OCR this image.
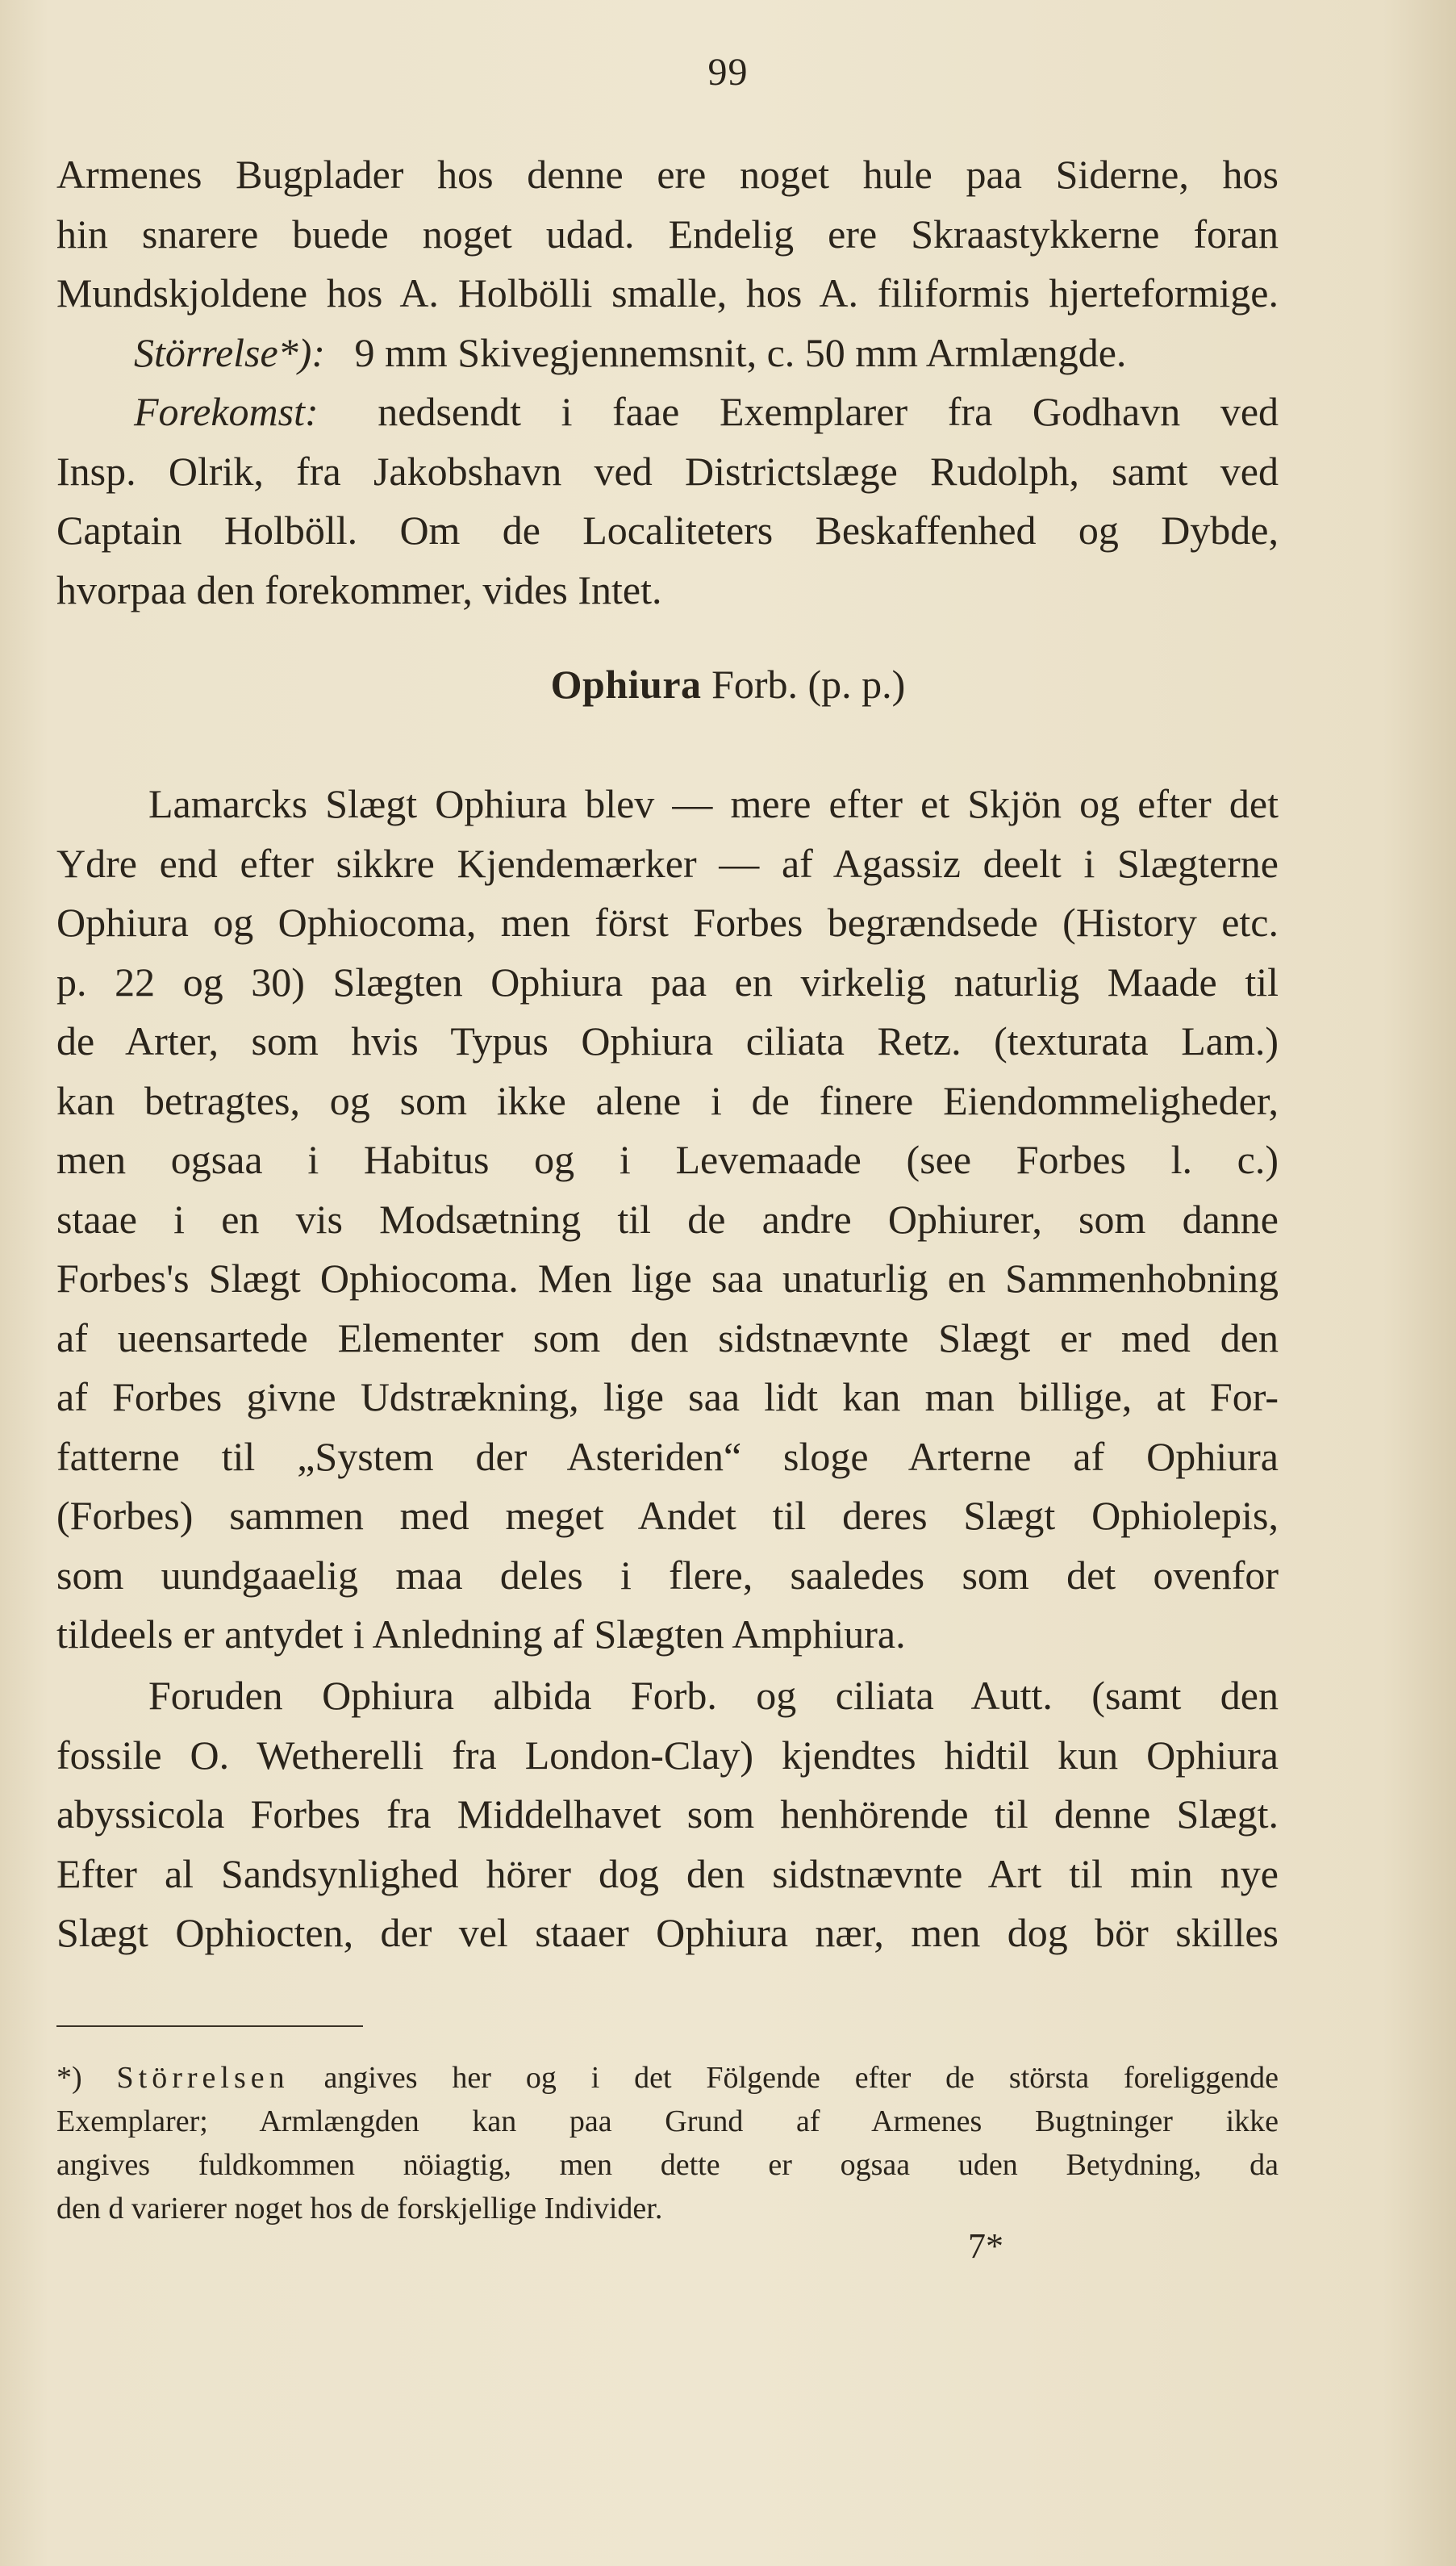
99
Armenes Bugplader hos denne ere noget hule paa Siderne, hos
hin snarere buede noget udad. Endelig ere Skraastykkerne foran
Mundskjoldene hos A. Holbölli smalle, hos A. filiformis hjerteformige.
Störrelse*): 9 mm Skivegjennemsnit, c. 50 mm Armlængde.
Forekomst: nedsendt i faae Exemplarer fra Godhavn ved
Insp. Olrik, fra Jakobshavn ved Districtslæge Rudolph, samt ved
Captain Holböll. Om de Localiteters Beskaffenhed og Dybde,
hvorpaa den forekommer, vides Intet.
Ophiura Forb. (p. p.)
Lamarcks Slægt Ophiura blev — mere efter et Skjön og efter det
Ydre end efter sikkre Kjendemærker — af Agassiz deelt i Slægterne
Ophiura og Ophiocoma, men först Forbes begrændsede (History etc.
p. 22 og 30) Slægten Ophiura paa en virkelig naturlig Maade til
de Arter, som hvis Typus Ophiura ciliata Retz. (texturata Lam.)
kan betragtes, og som ikke alene i de finere Eiendommeligheder,
men ogsaa i Habitus og i Levemaade (see Forbes l. c.)
staae i en vis Modsætning til de andre Ophiurer, som danne
Forbes's Slægt Ophiocoma. Men lige saa unaturlig en Sammenhobning
af ueensartede Elementer som den sidstnævnte Slægt er med den
af Forbes givne Udstrækning, lige saa lidt kan man billige, at For-
fatterne til „System der Asteriden“ sloge Arterne af Ophiura
(Forbes) sammen med meget Andet til deres Slægt Ophiolepis,
som uundgaaelig maa deles i flere, saaledes som det ovenfor
tildeels er antydet i Anledning af Slægten Amphiura.
Foruden Ophiura albida Forb. og ciliata Autt. (samt den
fossile O. Wetherelli fra London-Clay) kjendtes hidtil kun Ophiura
abyssicola Forbes fra Middelhavet som henhörende til denne Slægt.
Efter al Sandsynlighed hörer dog den sidstnævnte Art til min nye
Slægt Ophiocten, der vel staaer Ophiura nær, men dog bör skilles
*) Störrelsen angives her og i det Fölgende efter de största foreliggende
Exemplarer; Armlængden kan paa Grund af Armenes Bugtninger ikke
angives fuldkommen nöiagtig, men dette er ogsaa uden Betydning, da
den d varierer noget hos de forskjellige Individer.
7*
